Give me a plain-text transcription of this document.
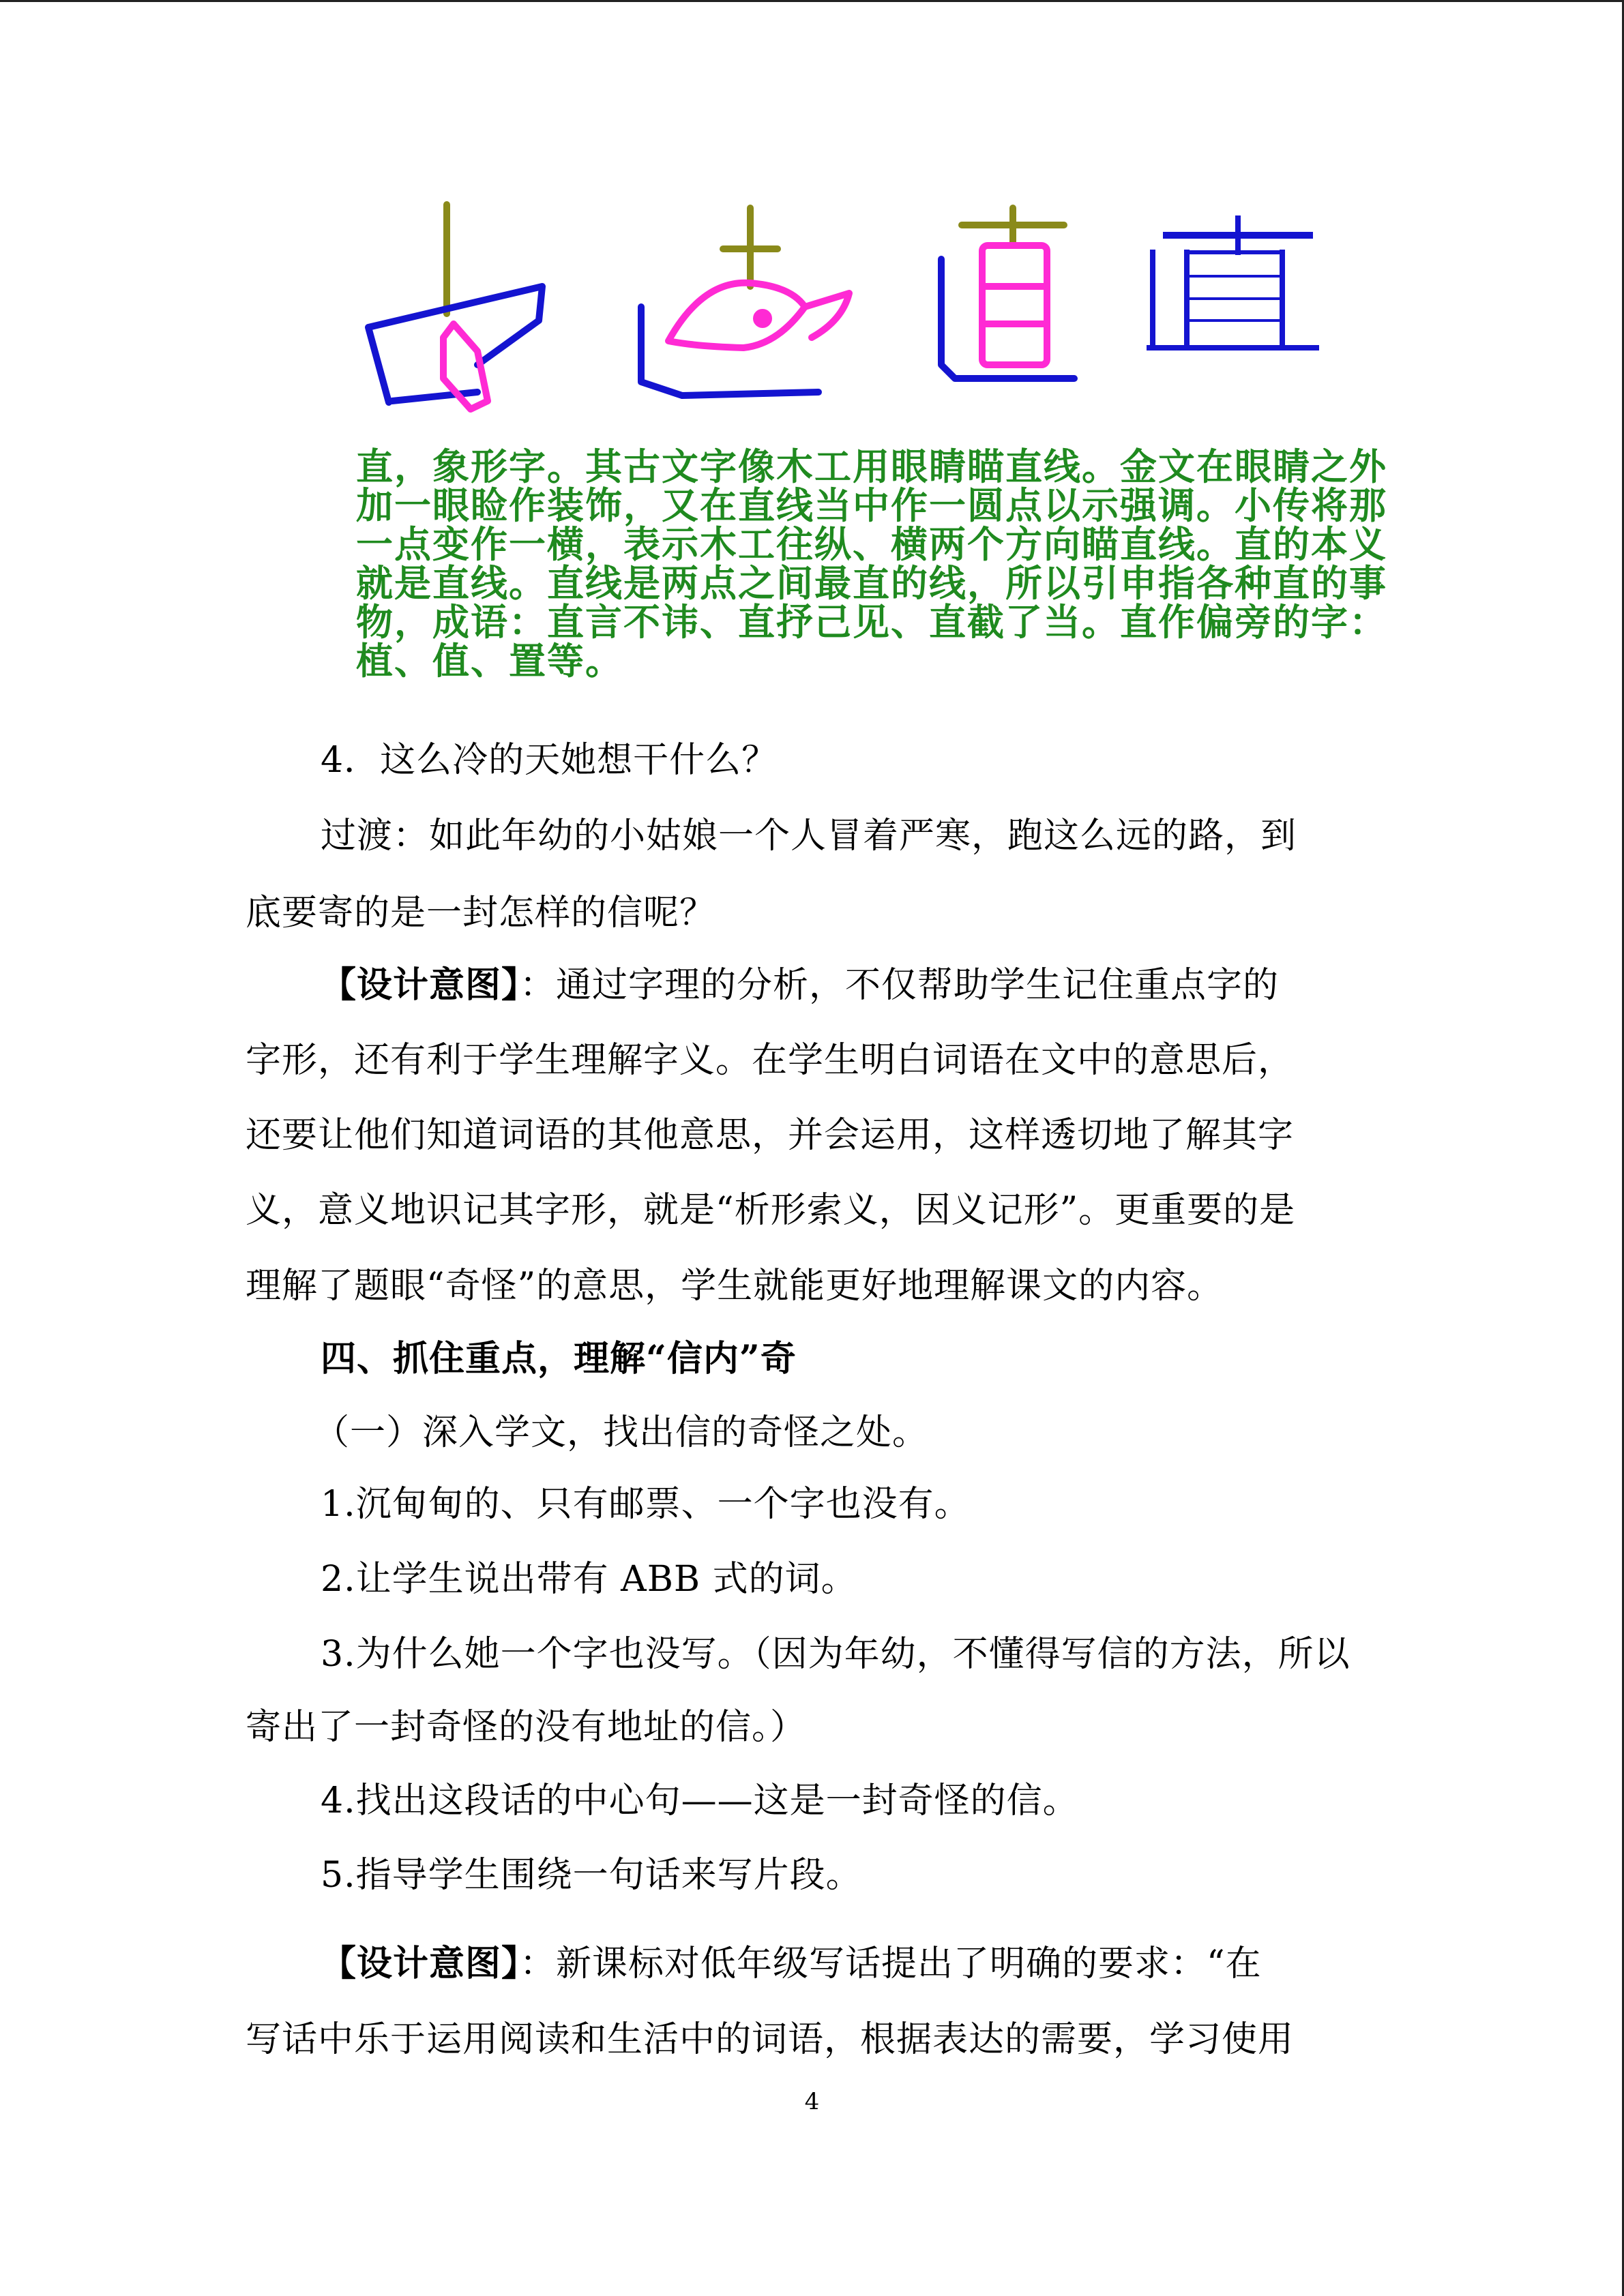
直，象形字。其古文字像木工用眼睛瞄直线。金文在眼睛之外加一眼睑作装饰，又在直线当中作一圆点以示强调。小传将那一点变作一横，表示木工往纵、横两个方向瞄直线。直的本义就是直线。直线是两点之间最直的线，所以引申指各种直的事物，成语：直言不讳、直抒己见、直截了当。直作偏旁的字：植、值、置等。

4．这么冷的天她想干什么？

过渡：如此年幼的小姑娘一个人冒着严寒，跑这么远的路，到

底要寄的是一封怎样的信呢？

【设计意图】：通过字理的分析，不仅帮助学生记住重点字的

字形，还有利于学生理解字义。在学生明白词语在文中的意思后，

还要让他们知道词语的其他意思，并会运用，这样透切地了解其字

义，意义地识记其字形，就是“析形索义，因义记形”。更重要的是

理解了题眼“奇怪”的意思，学生就能更好地理解课文的内容。

四、抓住重点，理解“信内”奇

（一）深入学文，找出信的奇怪之处。

1.沉甸甸的、只有邮票、一个字也没有。

2.让学生说出带有 ABB 式的词。

3.为什么她一个字也没写。（因为年幼，不懂得写信的方法，所以

寄出了一封奇怪的没有地址的信。）

4.找出这段话的中心句——这是一封奇怪的信。

5.指导学生围绕一句话来写片段。

【设计意图】：新课标对低年级写话提出了明确的要求：“在

写话中乐于运用阅读和生活中的词语，根据表达的需要，学习使用

4
